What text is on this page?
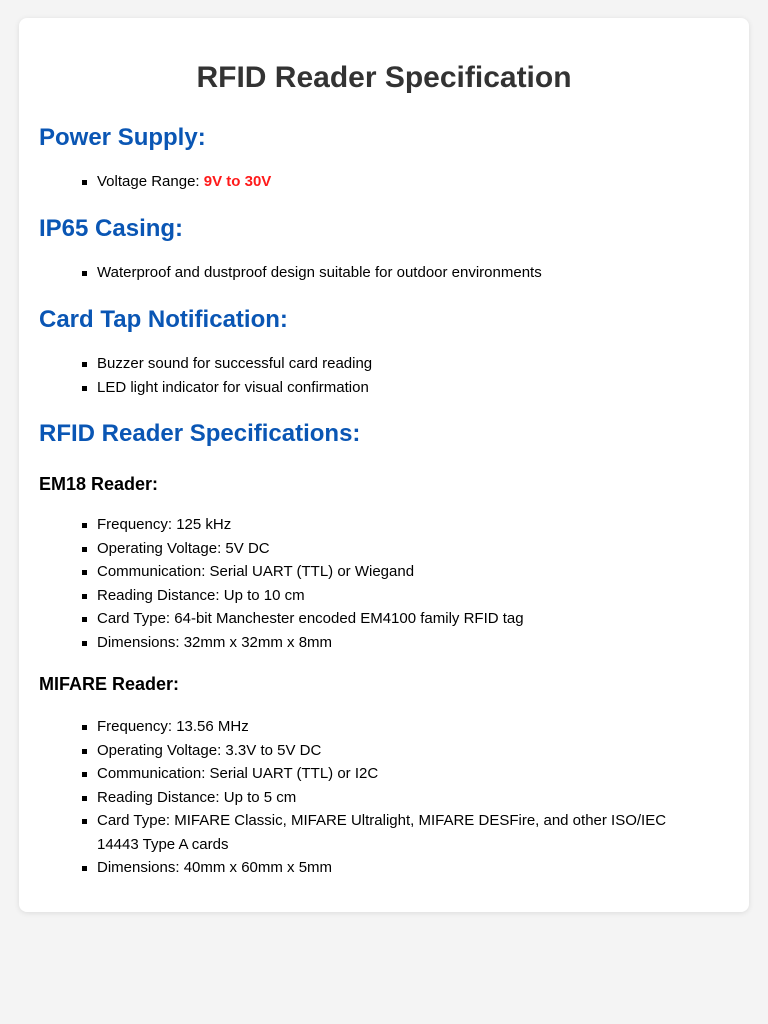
RFID Reader Specification
Power Supply:
Voltage Range: 9V to 30V
IP65 Casing:
Waterproof and dustproof design suitable for outdoor environments
Card Tap Notification:
Buzzer sound for successful card reading
LED light indicator for visual confirmation
RFID Reader Specifications:
EM18 Reader:
Frequency: 125 kHz
Operating Voltage: 5V DC
Communication: Serial UART (TTL) or Wiegand
Reading Distance: Up to 10 cm
Card Type: 64-bit Manchester encoded EM4100 family RFID tag
Dimensions: 32mm x 32mm x 8mm
MIFARE Reader:
Frequency: 13.56 MHz
Operating Voltage: 3.3V to 5V DC
Communication: Serial UART (TTL) or I2C
Reading Distance: Up to 5 cm
Card Type: MIFARE Classic, MIFARE Ultralight, MIFARE DESFire, and other ISO/IEC 14443 Type A cards
Dimensions: 40mm x 60mm x 5mm
